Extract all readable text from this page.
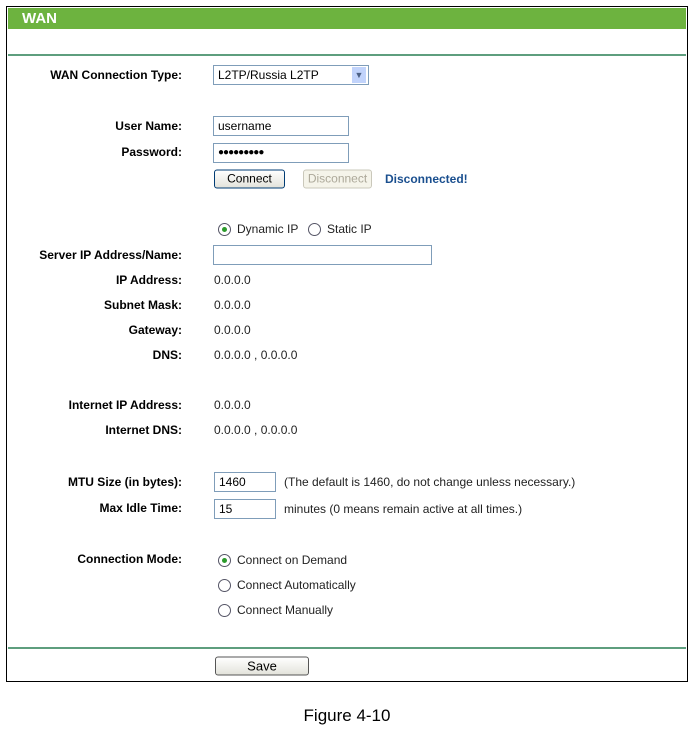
WAN
WAN Connection Type:	L2TP/Russia L2TP	▼
User Name:	username
Password:	●●●●●●●●●
Connect	Disconnect	Disconnected!
Dynamic IP Static IP
Server IP Address/Name:
IP Address:	0.0.0.0
Subnet Mask:	0.0.0.0
Gateway:	0.0.0.0
DNS:	0.0.0.0 , 0.0.0.0
Internet IP Address:	0.0.0.0
Internet DNS:	0.0.0.0 , 0.0.0.0
MTU Size (in bytes):	1460	(The default is 1460, do not change unless necessary.)
Max Idle Time:	15	minutes (0 means remain active at all times.)
Connection Mode:	Connect on Demand
Connect Automatically
Connect Manually
Save
Figure 4-10
